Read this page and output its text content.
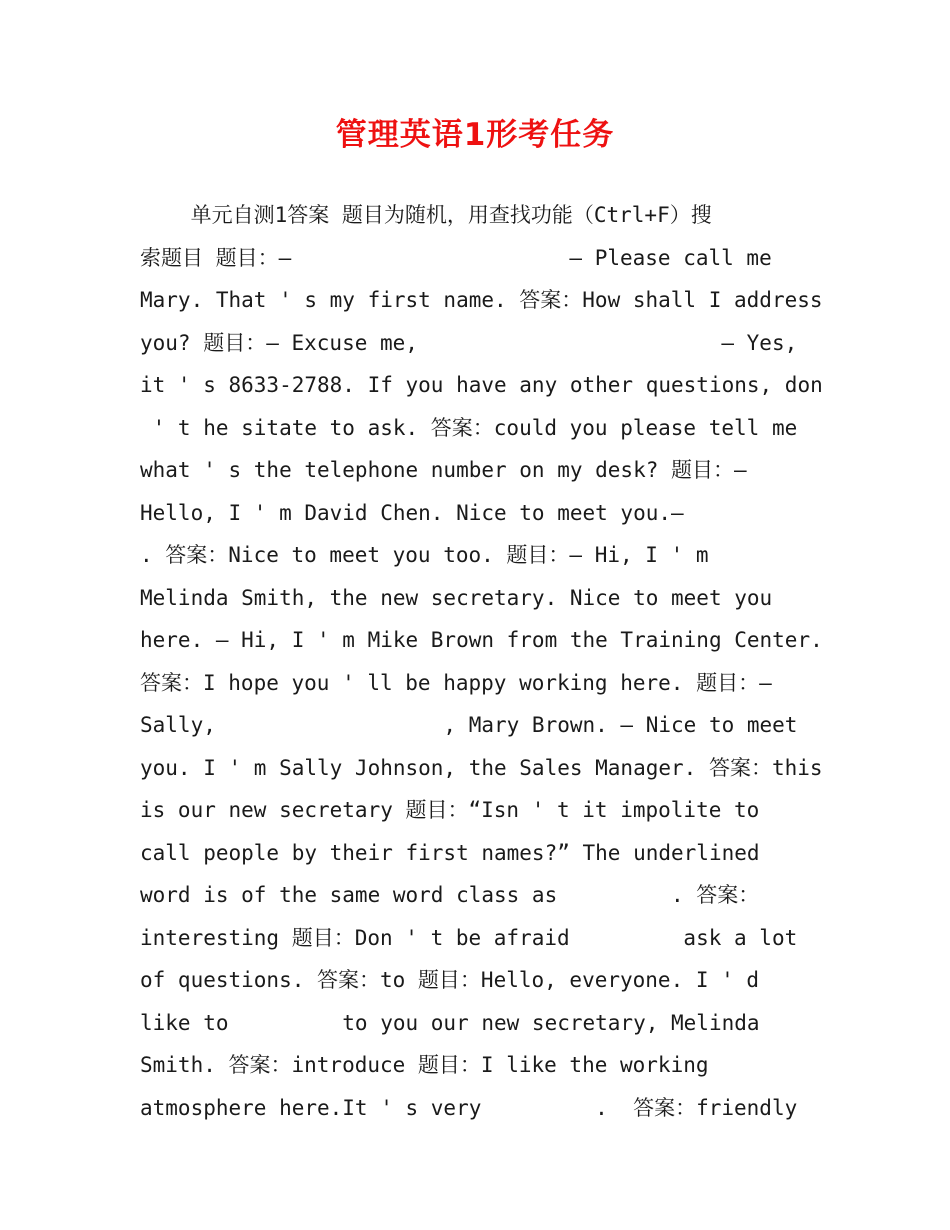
管理英语1形考任务
单元自测1答案 题目为随机，用查找功能（Ctrl+F）搜
索题目 题目：—                      — Please call me
Mary. That ' s my first name. 答案：How shall I address
you? 题目：— Excuse me,                        — Yes,
it ' s 8633-2788. If you have any other questions, don
' t he sitate to ask. 答案：could you please tell me
what ' s the telephone number on my desk? 题目：—
Hello, I ' m David Chen. Nice to meet you.—
. 答案：Nice to meet you too. 题目：— Hi, I ' m
Melinda Smith, the new secretary. Nice to meet you
here. — Hi, I ' m Mike Brown from the Training Center.
答案：I hope you ' ll be happy working here. 题目：—
Sally,                  , Mary Brown. — Nice to meet
you. I ' m Sally Johnson, the Sales Manager. 答案：this
is our new secretary 题目：“Isn ' t it impolite to
call people by their first names?” The underlined
word is of the same word class as         . 答案：
interesting 题目：Don ' t be afraid         ask a lot
of questions. 答案：to 题目：Hello, everyone. I ' d
like to         to you our new secretary, Melinda
Smith. 答案：introduce 题目：I like the working
atmosphere here.It ' s very         .  答案：friendly
